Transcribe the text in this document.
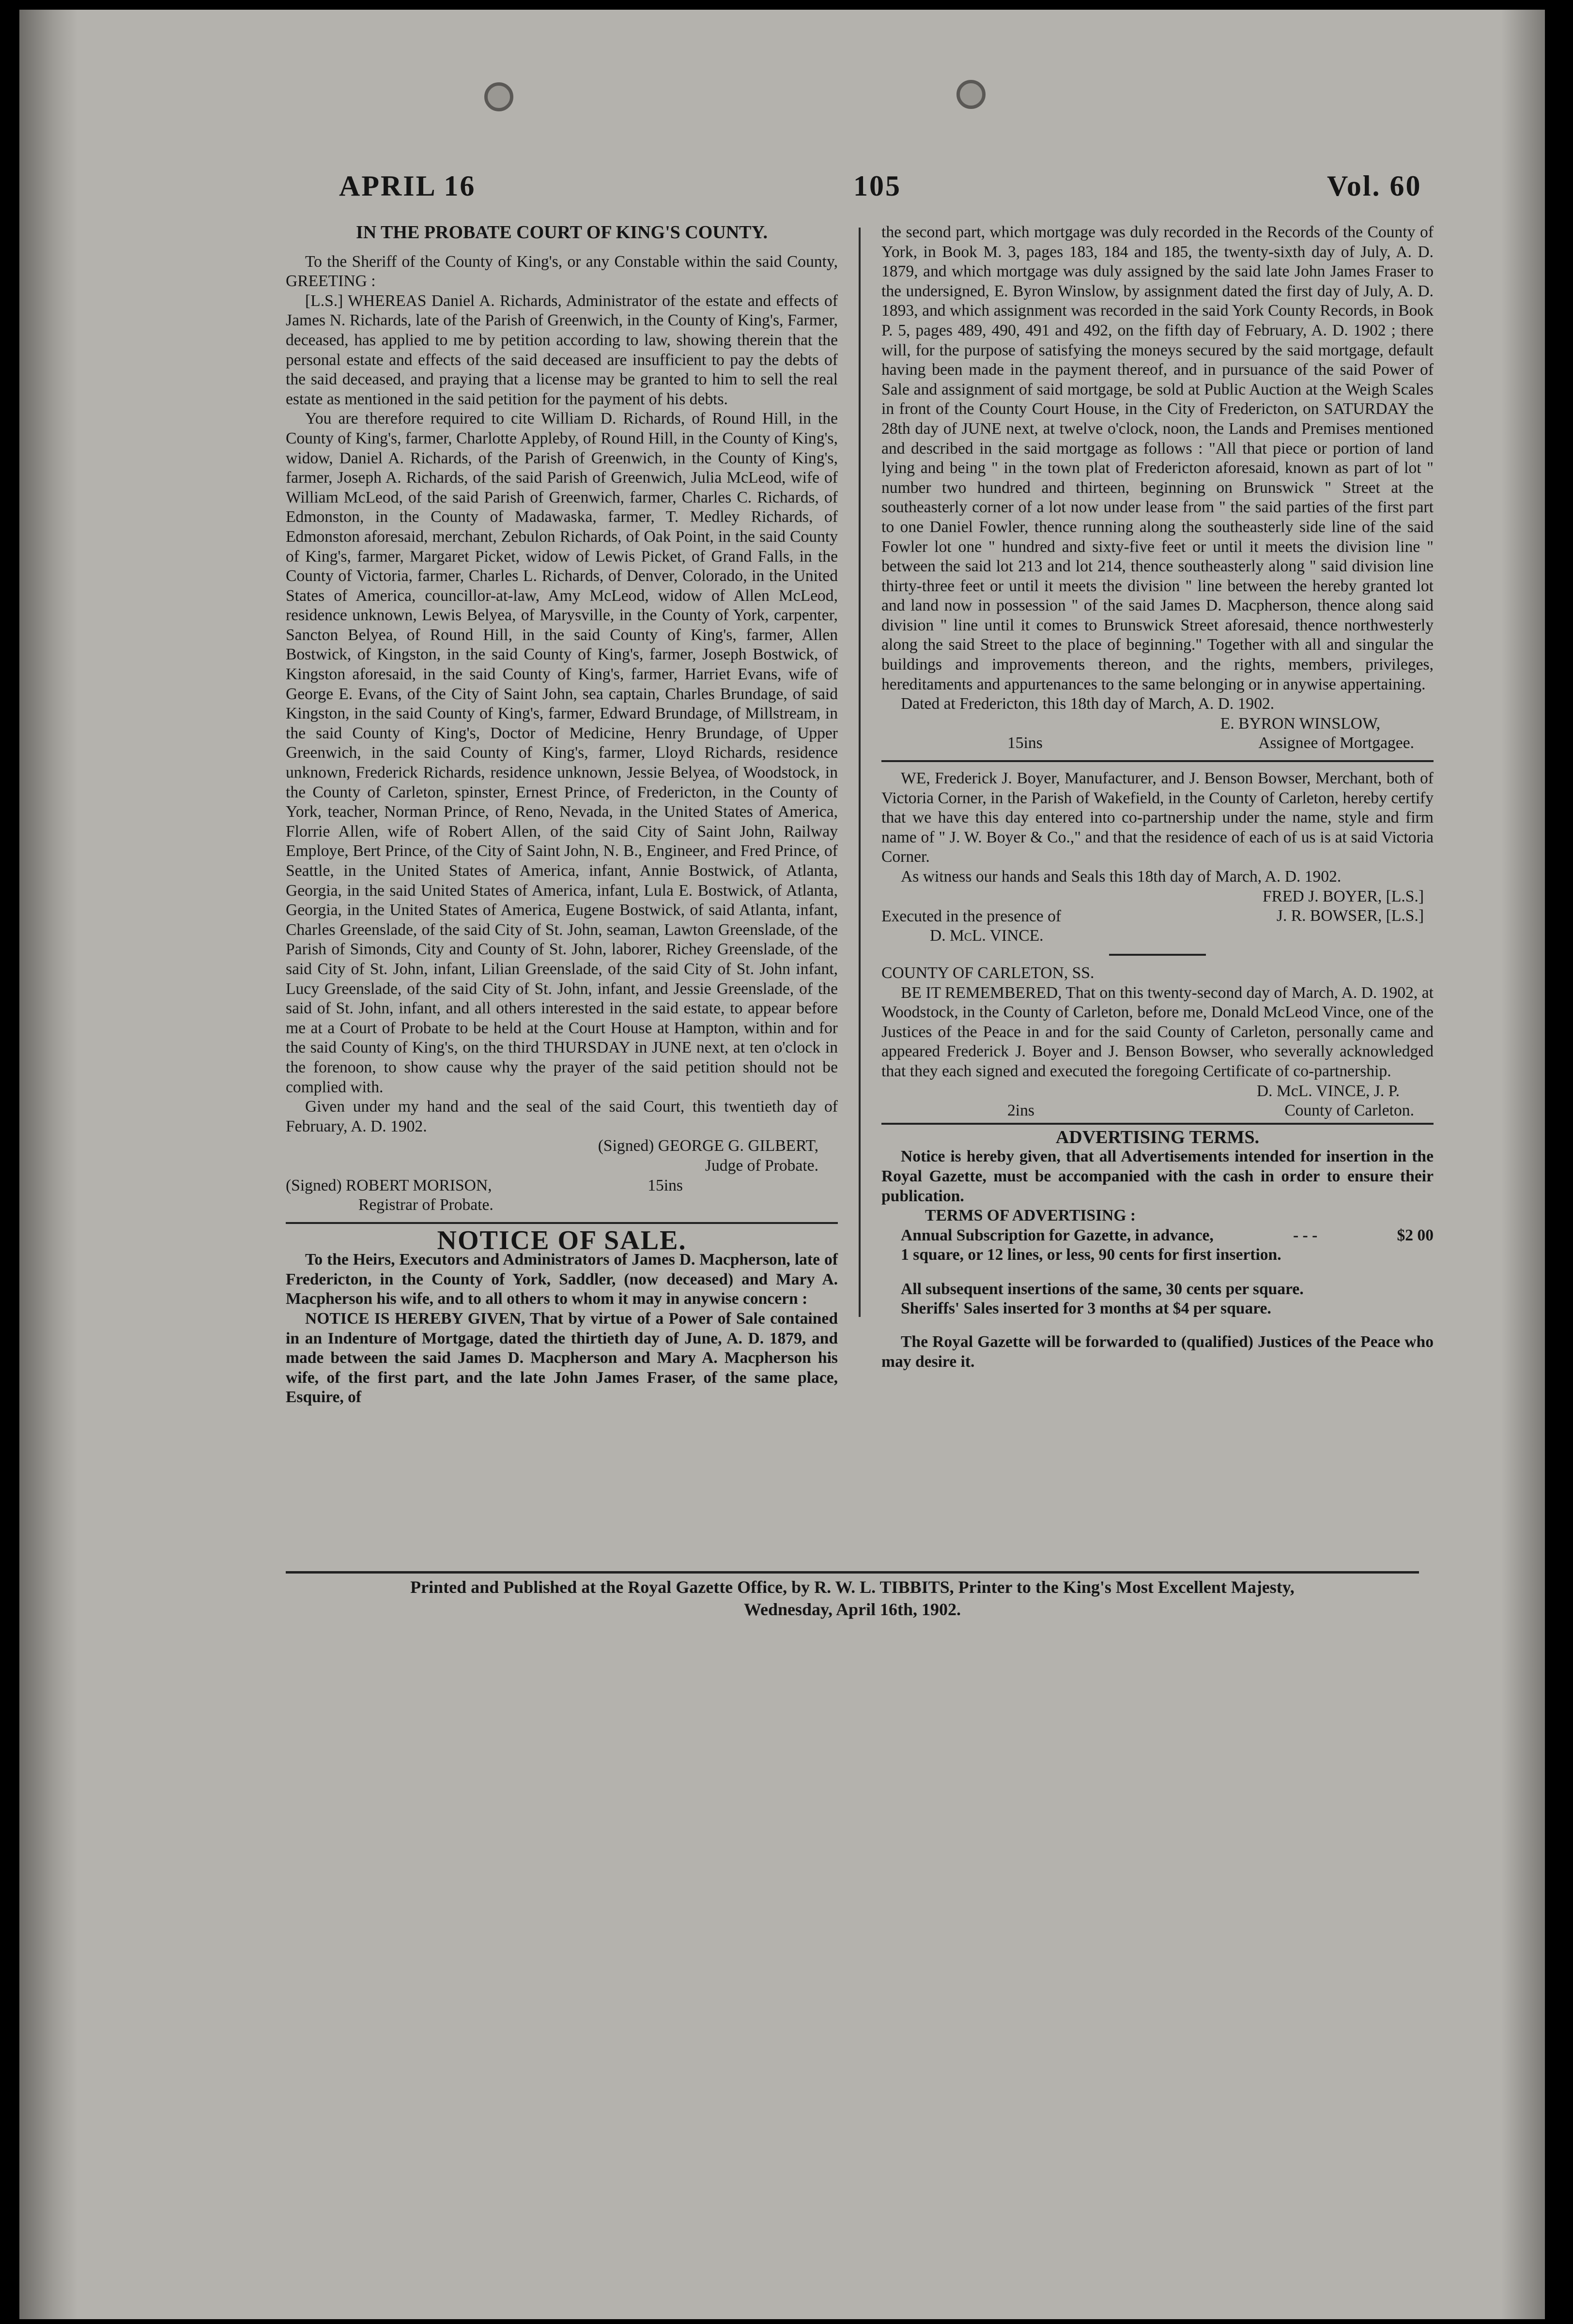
APRIL 16	105	Vol. 60

IN THE PROBATE COURT OF KING'S COUNTY.

To the Sheriff of the County of King's, or any Constable within the said County, GREETING :

[L.S.] WHEREAS Daniel A. Richards, Administrator of the estate and effects of James N. Richards, late of the Parish of Greenwich, in the County of King's, Farmer, deceased, has applied to me by petition according to law, showing therein that the personal estate and effects of the said deceased are insufficient to pay the debts of the said deceased, and praying that a license may be granted to him to sell the real estate as mentioned in the said petition for the payment of his debts.

You are therefore required to cite William D. Richards, of Round Hill, in the County of King's, farmer, Charlotte Appleby, of Round Hill, in the County of King's, widow, Daniel A. Richards, of the Parish of Greenwich, in the County of King's, farmer, Joseph A. Richards, of the said Parish of Greenwich, Julia McLeod, wife of William McLeod, of the said Parish of Greenwich, farmer, Charles C. Richards, of Edmonston, in the County of Madawaska, farmer, T. Medley Richards, of Edmonston aforesaid, merchant, Zebulon Richards, of Oak Point, in the said County of King's, farmer, Margaret Picket, widow of Lewis Picket, of Grand Falls, in the County of Victoria, farmer, Charles L. Richards, of Denver, Colorado, in the United States of America, councillor-at-law, Amy McLeod, widow of Allen McLeod, residence unknown, Lewis Belyea, of Marysville, in the County of York, carpenter, Sancton Belyea, of Round Hill, in the said County of King's, farmer, Allen Bostwick, of Kingston, in the said County of King's, farmer, Joseph Bostwick, of Kingston aforesaid, in the said County of King's, farmer, Harriet Evans, wife of George E. Evans, of the City of Saint John, sea captain, Charles Brundage, of said Kingston, in the said County of King's, farmer, Edward Brundage, of Millstream, in the said County of King's, Doctor of Medicine, Henry Brundage, of Upper Greenwich, in the said County of King's, farmer, Lloyd Richards, residence unknown, Frederick Richards, residence unknown, Jessie Belyea, of Woodstock, in the County of Carleton, spinster, Ernest Prince, of Fredericton, in the County of York, teacher, Norman Prince, of Reno, Nevada, in the United States of America, Florrie Allen, wife of Robert Allen, of the said City of Saint John, Railway Employe, Bert Prince, of the City of Saint John, N. B., Engineer, and Fred Prince, of Seattle, in the United States of America, infant, Annie Bostwick, of Atlanta, Georgia, in the said United States of America, infant, Lula E. Bostwick, of Atlanta, Georgia, in the United States of America, Eugene Bostwick, of said Atlanta, infant, Charles Greenslade, of the said City of St. John, seaman, Lawton Greenslade, of the Parish of Simonds, City and County of St. John, laborer, Richey Greenslade, of the said City of St. John, infant, Lilian Greenslade, of the said City of St. John infant, Lucy Greenslade, of the said City of St. John, infant, and Jessie Greenslade, of the said of St. John, infant, and all others interested in the said estate, to appear before me at a Court of Probate to be held at the Court House at Hampton, within and for the said County of King's, on the third THURSDAY in JUNE next, at ten o'clock in the forenoon, to show cause why the prayer of the said petition should not be complied with.

Given under my hand and the seal of the said Court, this twentieth day of February, A. D. 1902.

(Signed) GEORGE G. GILBERT,
Judge of Probate.
(Signed) ROBERT MORISON,	15ins
Registrar of Probate.

NOTICE OF SALE.

To the Heirs, Executors and Administrators of James D. Macpherson, late of Fredericton, in the County of York, Saddler, (now deceased) and Mary A. Macpherson his wife, and to all others to whom it may in anywise concern :

NOTICE IS HEREBY GIVEN, That by virtue of a Power of Sale contained in an Indenture of Mortgage, dated the thirtieth day of June, A. D. 1879, and made between the said James D. Macpherson and Mary A. Macpherson his wife, of the first part, and the late John James Fraser, of the same place, Esquire, of

the second part, which mortgage was duly recorded in the Records of the County of York, in Book M. 3, pages 183, 184 and 185, the twenty-sixth day of July, A. D. 1879, and which mortgage was duly assigned by the said late John James Fraser to the undersigned, E. Byron Winslow, by assignment dated the first day of July, A. D. 1893, and which assignment was recorded in the said York County Records, in Book P. 5, pages 489, 490, 491 and 492, on the fifth day of February, A. D. 1902 ; there will, for the purpose of satisfying the moneys secured by the said mortgage, default having been made in the payment thereof, and in pursuance of the said Power of Sale and assignment of said mortgage, be sold at Public Auction at the Weigh Scales in front of the County Court House, in the City of Fredericton, on SATURDAY the 28th day of JUNE next, at twelve o'clock, noon, the Lands and Premises mentioned and described in the said mortgage as follows : "All that piece or portion of land lying and being " in the town plat of Fredericton aforesaid, known as part of lot " number two hundred and thirteen, beginning on Brunswick " Street at the southeasterly corner of a lot now under lease from " the said parties of the first part to one Daniel Fowler, thence running along the southeasterly side line of the said Fowler lot one " hundred and sixty-five feet or until it meets the division line " between the said lot 213 and lot 214, thence southeasterly along " said division line thirty-three feet or until it meets the division " line between the hereby granted lot and land now in possession " of the said James D. Macpherson, thence along said division " line until it comes to Brunswick Street aforesaid, thence northwesterly along the said Street to the place of beginning." Together with all and singular the buildings and improvements thereon, and the rights, members, privileges, hereditaments and appurtenances to the same belonging or in anywise appertaining.

Dated at Fredericton, this 18th day of March, A. D. 1902.

E. BYRON WINSLOW,
15ins	Assignee of Mortgagee.

WE, Frederick J. Boyer, Manufacturer, and J. Benson Bowser, Merchant, both of Victoria Corner, in the Parish of Wakefield, in the County of Carleton, hereby certify that we have this day entered into co-partnership under the name, style and firm name of " J. W. Boyer & Co.," and that the residence of each of us is at said Victoria Corner.

As witness our hands and Seals this 18th day of March, A. D. 1902.

FRED J. BOYER, [L.S.]
J. R. BOWSER, [L.S.]
Executed in the presence of
D. McL. VINCE.

COUNTY OF CARLETON, SS.

BE IT REMEMBERED, That on this twenty-second day of March, A. D. 1902, at Woodstock, in the County of Carleton, before me, Donald McLeod Vince, one of the Justices of the Peace in and for the said County of Carleton, personally came and appeared Frederick J. Boyer and J. Benson Bowser, who severally acknowledged that they each signed and executed the foregoing Certificate of co-partnership.

D. McL. VINCE, J. P.
2ins	County of Carleton.

ADVERTISING TERMS.

Notice is hereby given, that all Advertisements intended for insertion in the Royal Gazette, must be accompanied with the cash in order to ensure their publication.

TERMS OF ADVERTISING :

Annual Subscription for Gazette, in advance,	- - -	$2 00

1 square, or 12 lines, or less, 90 cents for first insertion.

All subsequent insertions of the same, 30 cents per square.

Sheriffs' Sales inserted for 3 months at $4 per square.

The Royal Gazette will be forwarded to (qualified) Justices of the Peace who may desire it.

Printed and Published at the Royal Gazette Office, by R. W. L. TIBBITS, Printer to the King's Most Excellent Majesty,
Wednesday, April 16th, 1902.
